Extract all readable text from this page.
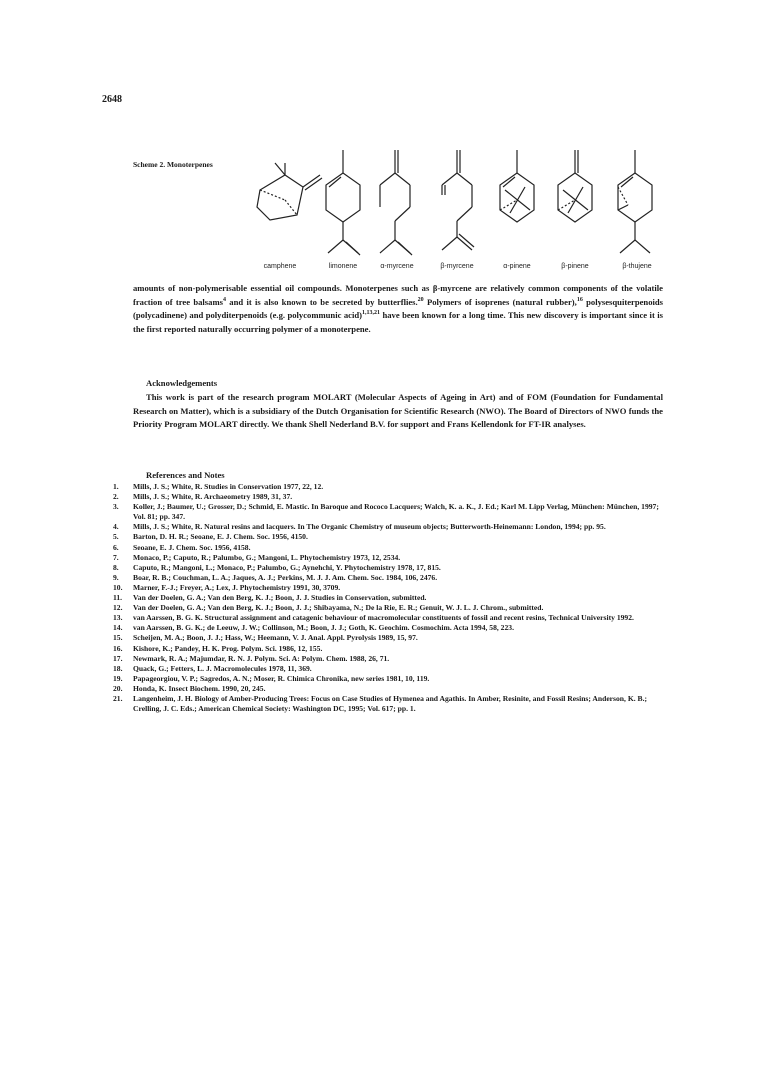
2648
Scheme 2. Monoterpenes
camphene	limonene	α-myrcene	β-myrcene	α-pinene	β-pinene	β-thujene

amounts of non-polymerisable essential oil compounds. Monoterpenes such as β-myrcene are relatively common components of the volatile fraction of tree balsams$^4$ and it is also known to be secreted by butterflies.$^{20}$ Polymers of isoprenes (natural rubber),$^{16}$ polysesquiterpenoids (polycadinene) and polyditerpenoids (e.g. polycommunic acid)$^{1,13,21}$ have been known for a long time. This new discovery is important since it is the first reported naturally occurring polymer of a monoterpene.

Acknowledgements

This work is part of the research program MOLART (Molecular Aspects of Ageing in Art) and of FOM (Foundation for Fundamental Research on Matter), which is a subsidiary of the Dutch Organisation for Scientific Research (NWO). The Board of Directors of NWO funds the Priority Program MOLART directly. We thank Shell Nederland B.V. for support and Frans Kellendonk for FT-IR analyses.

References and Notes
1.	Mills, J. S.; White, R. Studies in Conservation 1977, 22, 12.
2.	Mills, J. S.; White, R. Archaeometry 1989, 31, 37.
3.	Koller, J.; Baumer, U.; Grosser, D.; Schmid, E. Mastic. In Baroque and Rococo Lacquers; Walch, K. a. K., J. Ed.; Karl M. Lipp Verlag, München: München, 1997; Vol. 81; pp. 347.
4.	Mills, J. S.; White, R. Natural resins and lacquers. In The Organic Chemistry of museum objects; Butterworth-Heinemann: London, 1994; pp. 95.
5.	Barton, D. H. R.; Seoane, E. J. Chem. Soc. 1956, 4150.
6.	Seoane, E. J. Chem. Soc. 1956, 4158.
7.	Monaco, P.; Caputo, R.; Palumbo, G.; Mangoni, L. Phytochemistry 1973, 12, 2534.
8.	Caputo, R.; Mangoni, L.; Monaco, P.; Palumbo, G.; Aynehchi, Y. Phytochemistry 1978, 17, 815.
9.	Boar, R. B.; Couchman, L. A.; Jaques, A. J.; Perkins, M. J. J. Am. Chem. Soc. 1984, 106, 2476.
10.	Marner, F.-J.; Freyer, A.; Lex, J. Phytochemistry 1991, 30, 3709.
11.	Van der Doelen, G. A.; Van den Berg, K. J.; Boon, J. J. Studies in Conservation, submitted.
12.	Van der Doelen, G. A.; Van den Berg, K. J.; Boon, J. J.; Shibayama, N.; De la Rie, E. R.; Genuit, W. J. L. J. Chrom., submitted.
13.	van Aarssen, B. G. K. Structural assignment and catagenic behaviour of macromolecular constituents of fossil and recent resins, Technical University 1992.
14.	van Aarssen, B. G. K.; de Leeuw, J. W.; Collinson, M.; Boon, J. J.; Goth, K. Geochim. Cosmochim. Acta 1994, 58, 223.
15.	Scheijen, M. A.; Boon, J. J.; Hass, W.; Heemann, V. J. Anal. Appl. Pyrolysis 1989, 15, 97.
16.	Kishore, K.; Pandey, H. K. Prog. Polym. Sci. 1986, 12, 155.
17.	Newmark, R. A.; Majumdar, R. N. J. Polym. Sci. A: Polym. Chem. 1988, 26, 71.
18.	Quack, G.; Fetters, L. J. Macromolecules 1978, 11, 369.
19.	Papageorgiou, V. P.; Sagredos, A. N.; Moser, R. Chimica Chronika, new series 1981, 10, 119.
20.	Honda, K. Insect Biochem. 1990, 20, 245.
21.	Langenheim, J. H. Biology of Amber-Producing Trees: Focus on Case Studies of Hymenea and Agathis. In Amber, Resinite, and Fossil Resins; Anderson, K. B.; Crelling, J. C. Eds.; American Chemical Society: Washington DC, 1995; Vol. 617; pp. 1.
